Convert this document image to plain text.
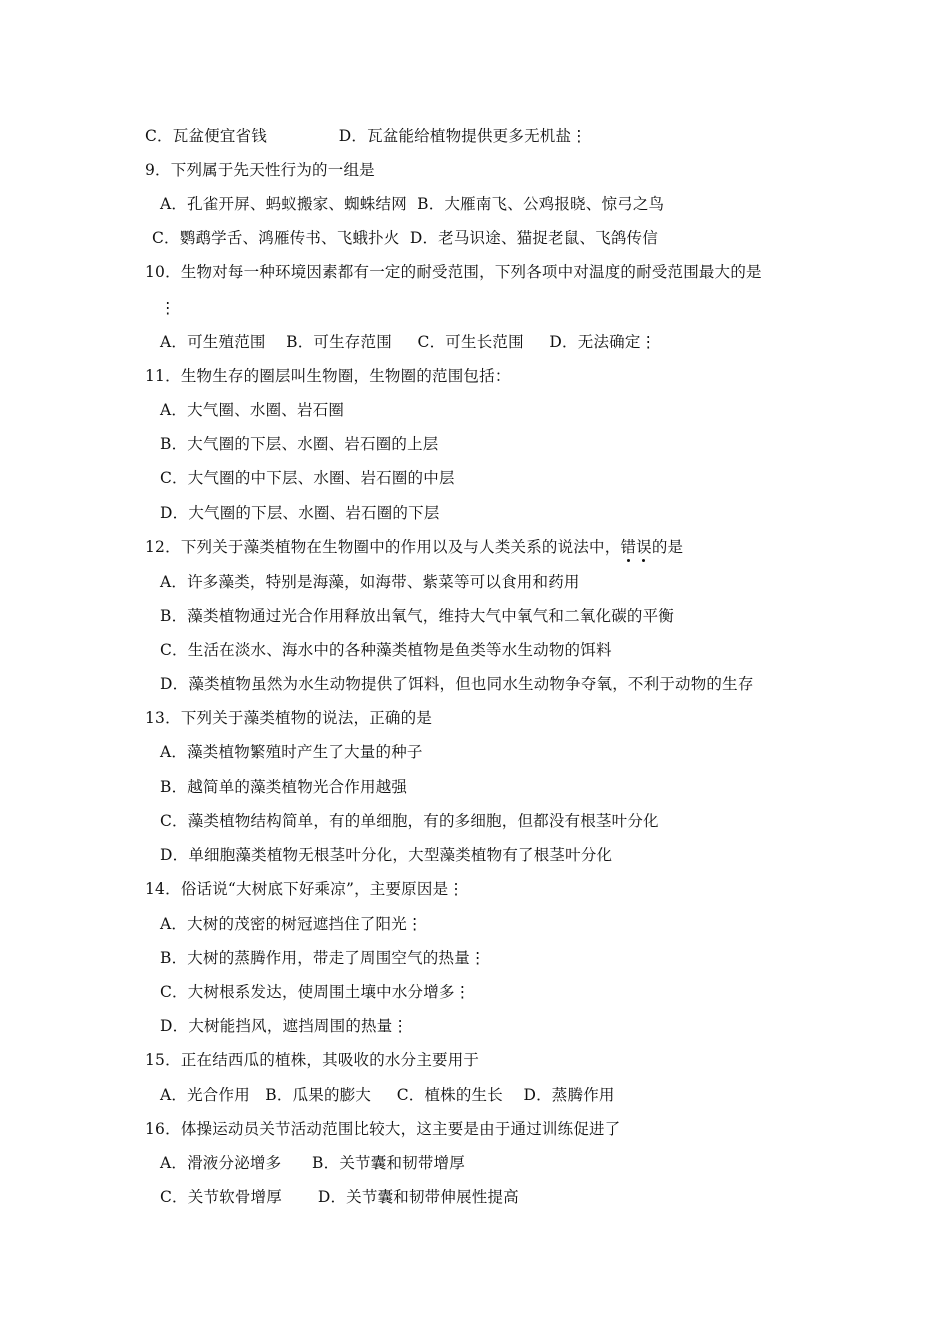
C．瓦盆便宜省钱              D．瓦盆能给植物提供更多无机盐⋮
9．下列属于先天性行为的一组是
A．孔雀开屏、蚂蚁搬家、蜘蛛结网  B．大雁南飞、公鸡报晓、惊弓之鸟
C．鹦鹉学舌、鸿雁传书、飞蛾扑火  D．老马识途、猫捉老鼠、飞鸽传信
10．生物对每一种环境因素都有一定的耐受范围，下列各项中对温度的耐受范围最大的是
⋮
A．可生殖范围    B．可生存范围     C．可生长范围     D．无法确定⋮
11．生物生存的圈层叫生物圈，生物圈的范围包括：
A．大气圈、水圈、岩石圈
B．大气圈的下层、水圈、岩石圈的上层
C．大气圈的中下层、水圈、岩石圈的中层
D．大气圈的下层、水圈、岩石圈的下层
12．下列关于藻类植物在生物圈中的作用以及与人类关系的说法中，错误的是
A．许多藻类，特别是海藻，如海带、紫菜等可以食用和药用
B．藻类植物通过光合作用释放出氧气，维持大气中氧气和二氧化碳的平衡
C．生活在淡水、海水中的各种藻类植物是鱼类等水生动物的饵料
D．藻类植物虽然为水生动物提供了饵料，但也同水生动物争夺氧，不利于动物的生存
13．下列关于藻类植物的说法，正确的是
A．藻类植物繁殖时产生了大量的种子
B．越简单的藻类植物光合作用越强
C．藻类植物结构简单，有的单细胞，有的多细胞，但都没有根茎叶分化
D．单细胞藻类植物无根茎叶分化，大型藻类植物有了根茎叶分化
14．俗话说“大树底下好乘凉”，主要原因是⋮
A．大树的茂密的树冠遮挡住了阳光⋮
B．大树的蒸腾作用，带走了周围空气的热量⋮
C．大树根系发达，使周围土壤中水分增多⋮
D．大树能挡风，遮挡周围的热量⋮
15．正在结西瓜的植株，其吸收的水分主要用于
A．光合作用   B．瓜果的膨大     C．植株的生长    D．蒸腾作用
16．体操运动员关节活动范围比较大，这主要是由于通过训练促进了
A．滑液分泌增多      B．关节囊和韧带增厚
C．关节软骨增厚       D．关节囊和韧带伸展性提高
